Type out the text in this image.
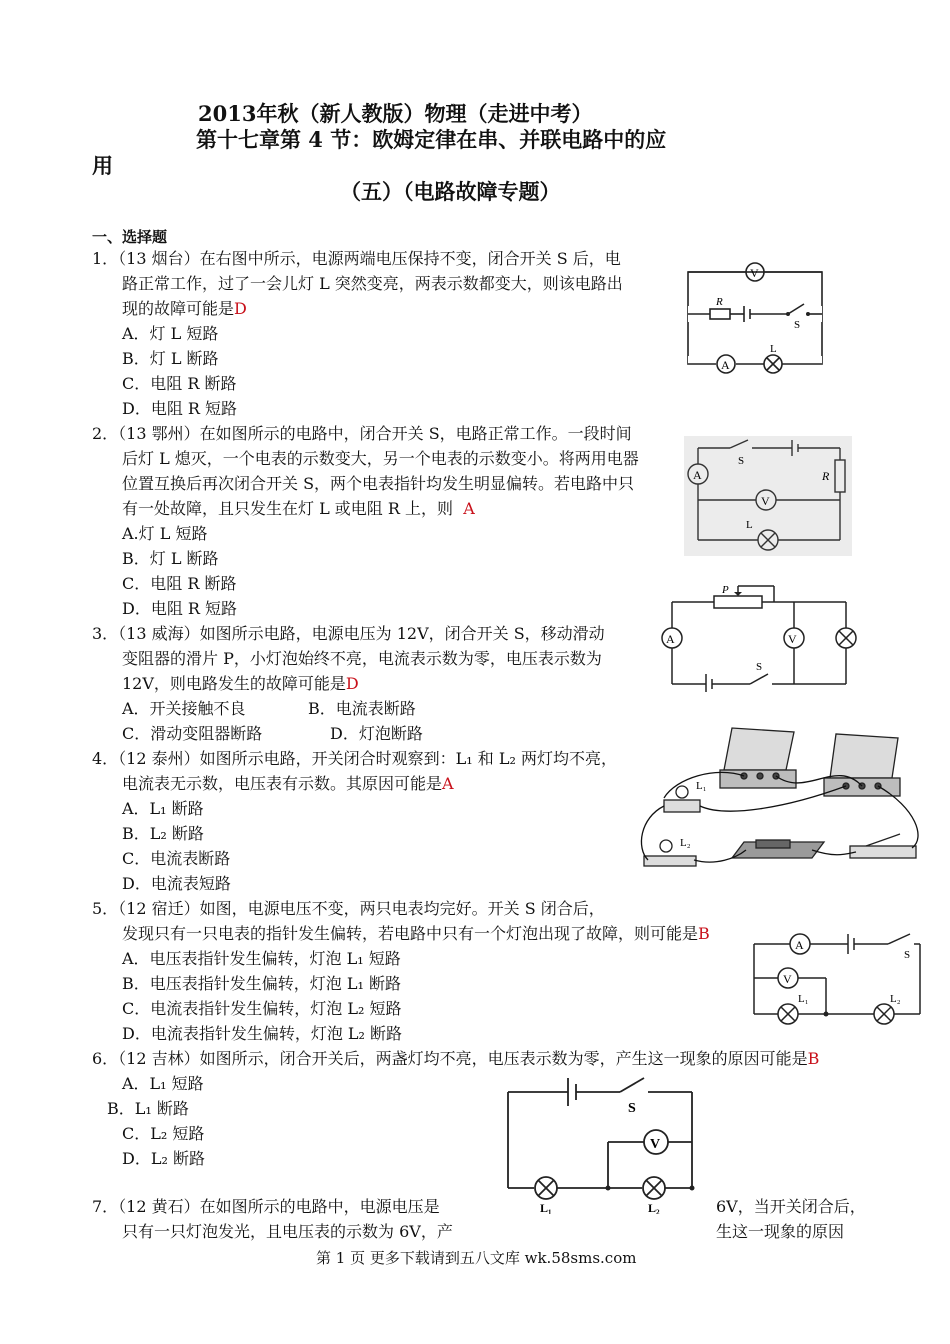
2013年秋（新人教版）物理（走进中考）
第十七章第 4 节：欧姆定律在串、并联电路中的应
用
（五）（电路故障专题）
一、选择题
1．（13 烟台）在右图中所示，电源两端电压保持不变，闭合开关 S 后，电
路正常工作，过了一会儿灯 L 突然变亮，两表示数都变大，则该电路出
现的故障可能是D
A．灯 L 短路
B．灯 L 断路
C．电阻 R 断路
D．电阻 R 短路
2．（13 鄂州）在如图所示的电路中，闭合开关 S，电路正常工作。一段时间
后灯 L 熄灭，一个电表的示数变大，另一个电表的示数变小。将两用电器
位置互换后再次闭合开关 S，两个电表指针均发生明显偏转。若电路中只
有一处故障，且只发生在灯 L 或电阻 R 上，则 A
A.灯 L 短路
B．灯 L 断路
C．电阻 R 断路
D．电阻 R 短路
3．（13 威海）如图所示电路，电源电压为 12V，闭合开关 S，移动滑动
变阻器的滑片 P，小灯泡始终不亮，电流表示数为零，电压表示数为
12V，则电路发生的故障可能是D
A．开关接触不良	B．电流表断路
C．滑动变阻器断路	D．灯泡断路
4．（12 泰州）如图所示电路，开关闭合时观察到：L₁ 和 L₂ 两灯均不亮，
电流表无示数，电压表有示数。其原因可能是A
A．L₁ 断路
B．L₂ 断路
C．电流表断路
D．电流表短路
5．（12 宿迁）如图，电源电压不变，两只电表均完好。开关 S 闭合后，
发现只有一只电表的指针发生偏转，若电路中只有一个灯泡出现了故障，则可能是B
A．电压表指针发生偏转，灯泡 L₁ 短路
B．电压表指针发生偏转，灯泡 L₁ 断路
C．电流表指针发生偏转，灯泡 L₂ 短路
D．电流表指针发生偏转，灯泡 L₂ 断路
6．（12 吉林）如图所示，闭合开关后，两盏灯均不亮，电压表示数为零，产生这一现象的原因可能是B
A．L₁ 短路
B．L₁ 断路
C．L₂ 短路
D．L₂ 断路
7．（12 黄石）在如图所示的电路中，电源电压是	6V，当开关闭合后，
只有一只灯泡发光，且电压表的示数为 6V，产	生这一现象的原因
第 1 页 更多下载请到五八文库 wk.58sms.com
V
A
R
S
L
A
V
S
R
L
A	V
P
S
L₁
L₂
A
V
S
L₁	L₂
V
S
L₁	L₂
